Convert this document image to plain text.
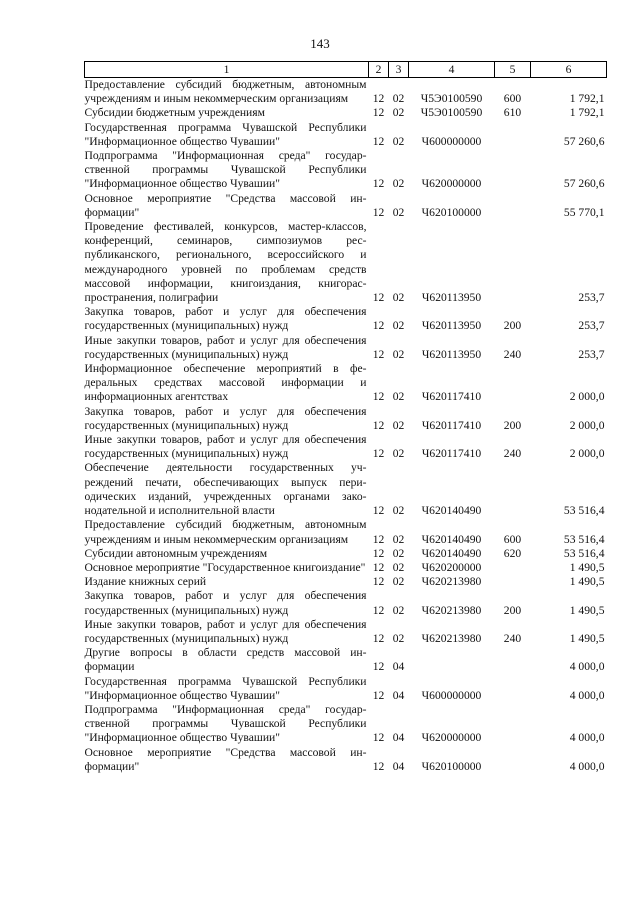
143
1	2	3	4	5	6
Предоставление субсидий бюджетным, автономным учреждениям и иным некоммерческим организациям	12	02	Ч5Э0100590	600	1 792,1
Субсидии бюджетным учреждениям	12	02	Ч5Э0100590	610	1 792,1
Государственная программа Чувашской Республики "Информационное общество Чувашии"	12	02	Ч600000000		57 260,6
Подпрограмма "Информационная среда" государственной программы Чувашской Республики "Информационное общество Чувашии"	12	02	Ч620000000		57 260,6
Основное мероприятие "Средства массовой информации"	12	02	Ч620100000		55 770,1
Проведение фестивалей, конкурсов, мастер-классов, конференций, семинаров, симпозиумов республиканского, регионального, всероссийского и международного уровней по проблемам средств массовой информации, книгоиздания, книгораспространения, полиграфии	12	02	Ч620113950		253,7
Закупка товаров, работ и услуг для обеспечения государственных (муниципальных) нужд	12	02	Ч620113950	200	253,7
Иные закупки товаров, работ и услуг для обеспечения государственных (муниципальных) нужд	12	02	Ч620113950	240	253,7
Информационное обеспечение мероприятий в федеральных средствах массовой информации и информационных агентствах	12	02	Ч620117410		2 000,0
Закупка товаров, работ и услуг для обеспечения государственных (муниципальных) нужд	12	02	Ч620117410	200	2 000,0
Иные закупки товаров, работ и услуг для обеспечения государственных (муниципальных) нужд	12	02	Ч620117410	240	2 000,0
Обеспечение деятельности государственных учреждений печати, обеспечивающих выпуск периодических изданий, учрежденных органами законодательной и исполнительной власти	12	02	Ч620140490		53 516,4
Предоставление субсидий бюджетным, автономным учреждениям и иным некоммерческим организациям	12	02	Ч620140490	600	53 516,4
Субсидии автономным учреждениям	12	02	Ч620140490	620	53 516,4
Основное мероприятие "Государственное книгоиздание"	12	02	Ч620200000		1 490,5
Издание книжных серий	12	02	Ч620213980		1 490,5
Закупка товаров, работ и услуг для обеспечения государственных (муниципальных) нужд	12	02	Ч620213980	200	1 490,5
Иные закупки товаров, работ и услуг для обеспечения государственных (муниципальных) нужд	12	02	Ч620213980	240	1 490,5
Другие вопросы в области средств массовой информации	12	04			4 000,0
Государственная программа Чувашской Республики "Информационное общество Чувашии"	12	04	Ч600000000		4 000,0
Подпрограмма "Информационная среда" государственной программы Чувашской Республики "Информационное общество Чувашии"	12	04	Ч620000000		4 000,0
Основное мероприятие "Средства массовой информации"	12	04	Ч620100000		4 000,0
